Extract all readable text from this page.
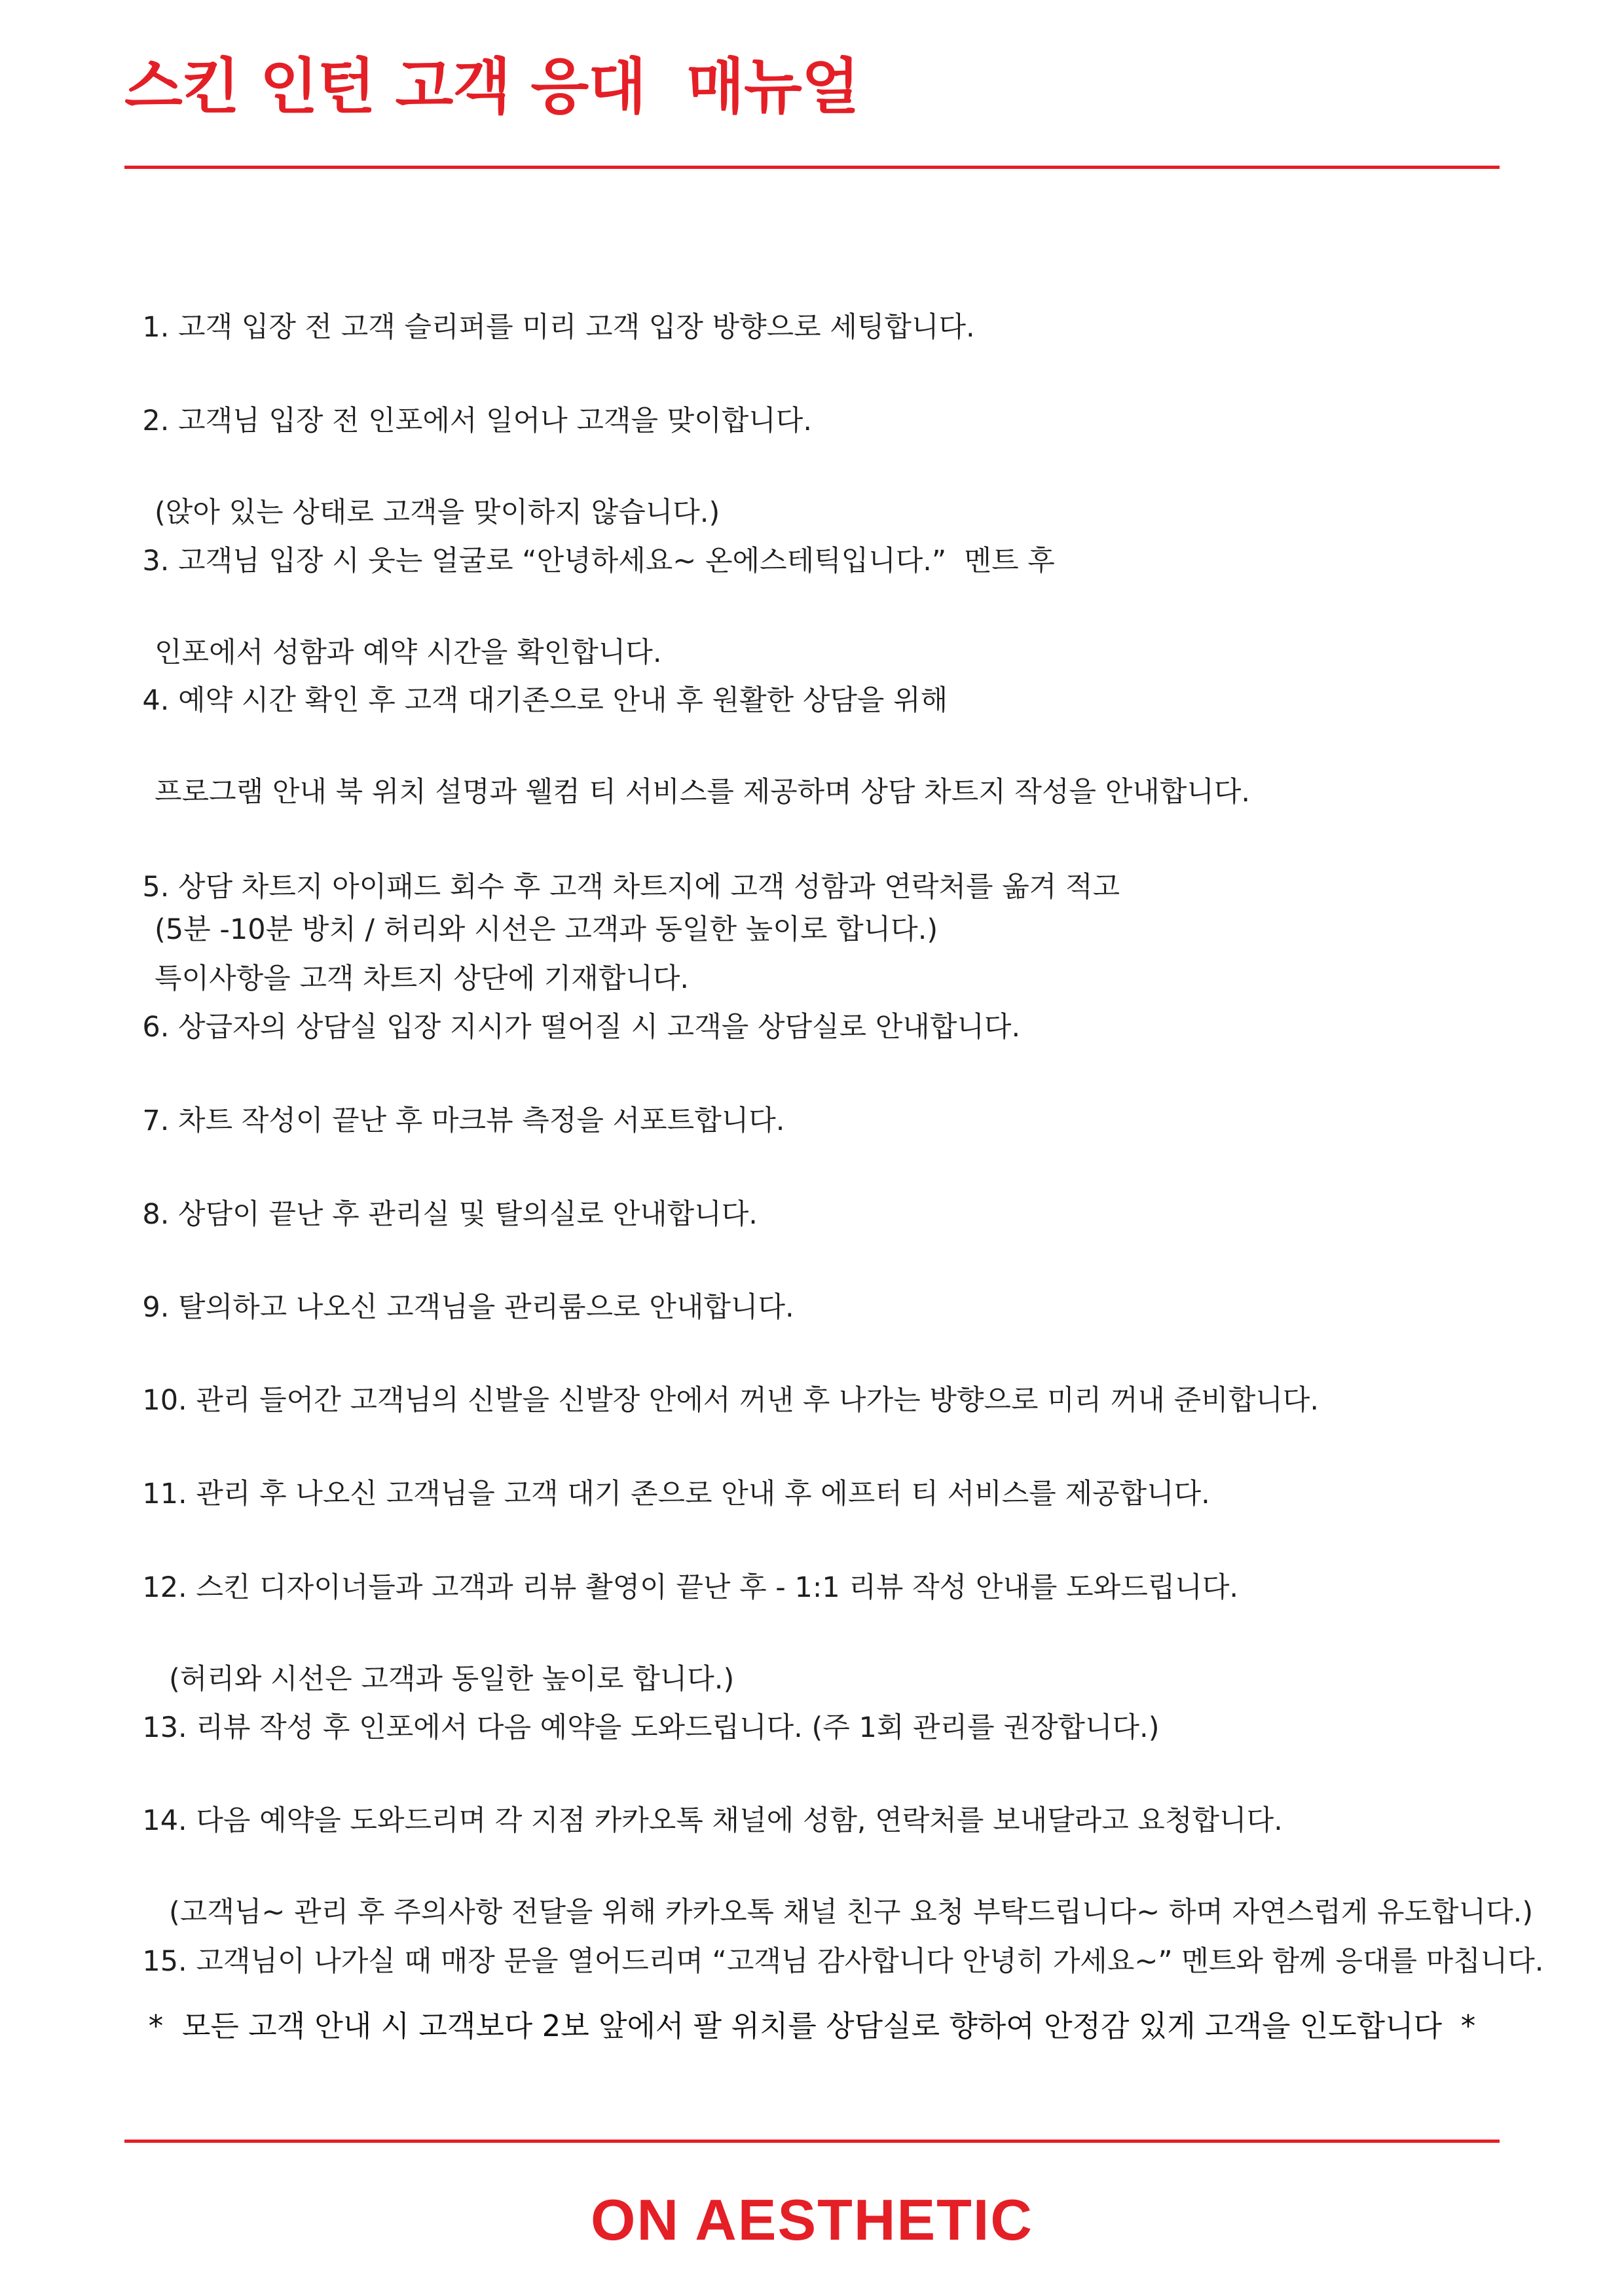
스킨 인턴 고객 응대  매뉴얼

1. 고객 입장 전 고객 슬리퍼를 미리 고객 입장 방향으로 세팅합니다.

2. 고객님 입장 전 인포에서 일어나 고객을 맞이합니다.

(앉아 있는 상태로 고객을 맞이하지 않습니다.)

3. 고객님 입장 시 웃는 얼굴로 “안녕하세요~ 온에스테틱입니다.”  멘트 후

인포에서 성함과 예약 시간을 확인합니다.

4. 예약 시간 확인 후 고객 대기존으로 안내 후 원활한 상담을 위해

프로그램 안내 북 위치 설명과 웰컴 티 서비스를 제공하며 상담 차트지 작성을 안내합니다.

(5분 -10분 방치 / 허리와 시선은 고객과 동일한 높이로 합니다.)

5. 상담 차트지 아이패드 회수 후 고객 차트지에 고객 성함과 연락처를 옮겨 적고

특이사항을 고객 차트지 상단에 기재합니다.

6. 상급자의 상담실 입장 지시가 떨어질 시 고객을 상담실로 안내합니다.

7. 차트 작성이 끝난 후 마크뷰 측정을 서포트합니다.

8. 상담이 끝난 후 관리실 및 탈의실로 안내합니다.

9. 탈의하고 나오신 고객님을 관리룸으로 안내합니다.

10. 관리 들어간 고객님의 신발을 신발장 안에서 꺼낸 후 나가는 방향으로 미리 꺼내 준비합니다.

11. 관리 후 나오신 고객님을 고객 대기 존으로 안내 후 에프터 티 서비스를 제공합니다.

12. 스킨 디자이너들과 고객과 리뷰 촬영이 끝난 후 - 1:1 리뷰 작성 안내를 도와드립니다.

(허리와 시선은 고객과 동일한 높이로 합니다.)

13. 리뷰 작성 후 인포에서 다음 예약을 도와드립니다. (주 1회 관리를 권장합니다.)

14. 다음 예약을 도와드리며 각 지점 카카오톡 채널에 성함, 연락처를 보내달라고 요청합니다.

(고객님~ 관리 후 주의사항 전달을 위해 카카오톡 채널 친구 요청 부탁드립니다~ 하며 자연스럽게 유도합니다.)

15. 고객님이 나가실 때 매장 문을 열어드리며 “고객님 감사합니다 안녕히 가세요~” 멘트와 함께 응대를 마칩니다.

*  모든 고객 안내 시 고객보다 2보 앞에서 팔 위치를 상담실로 향하여 안정감 있게 고객을 인도합니다  *
ON AESTHETIC
